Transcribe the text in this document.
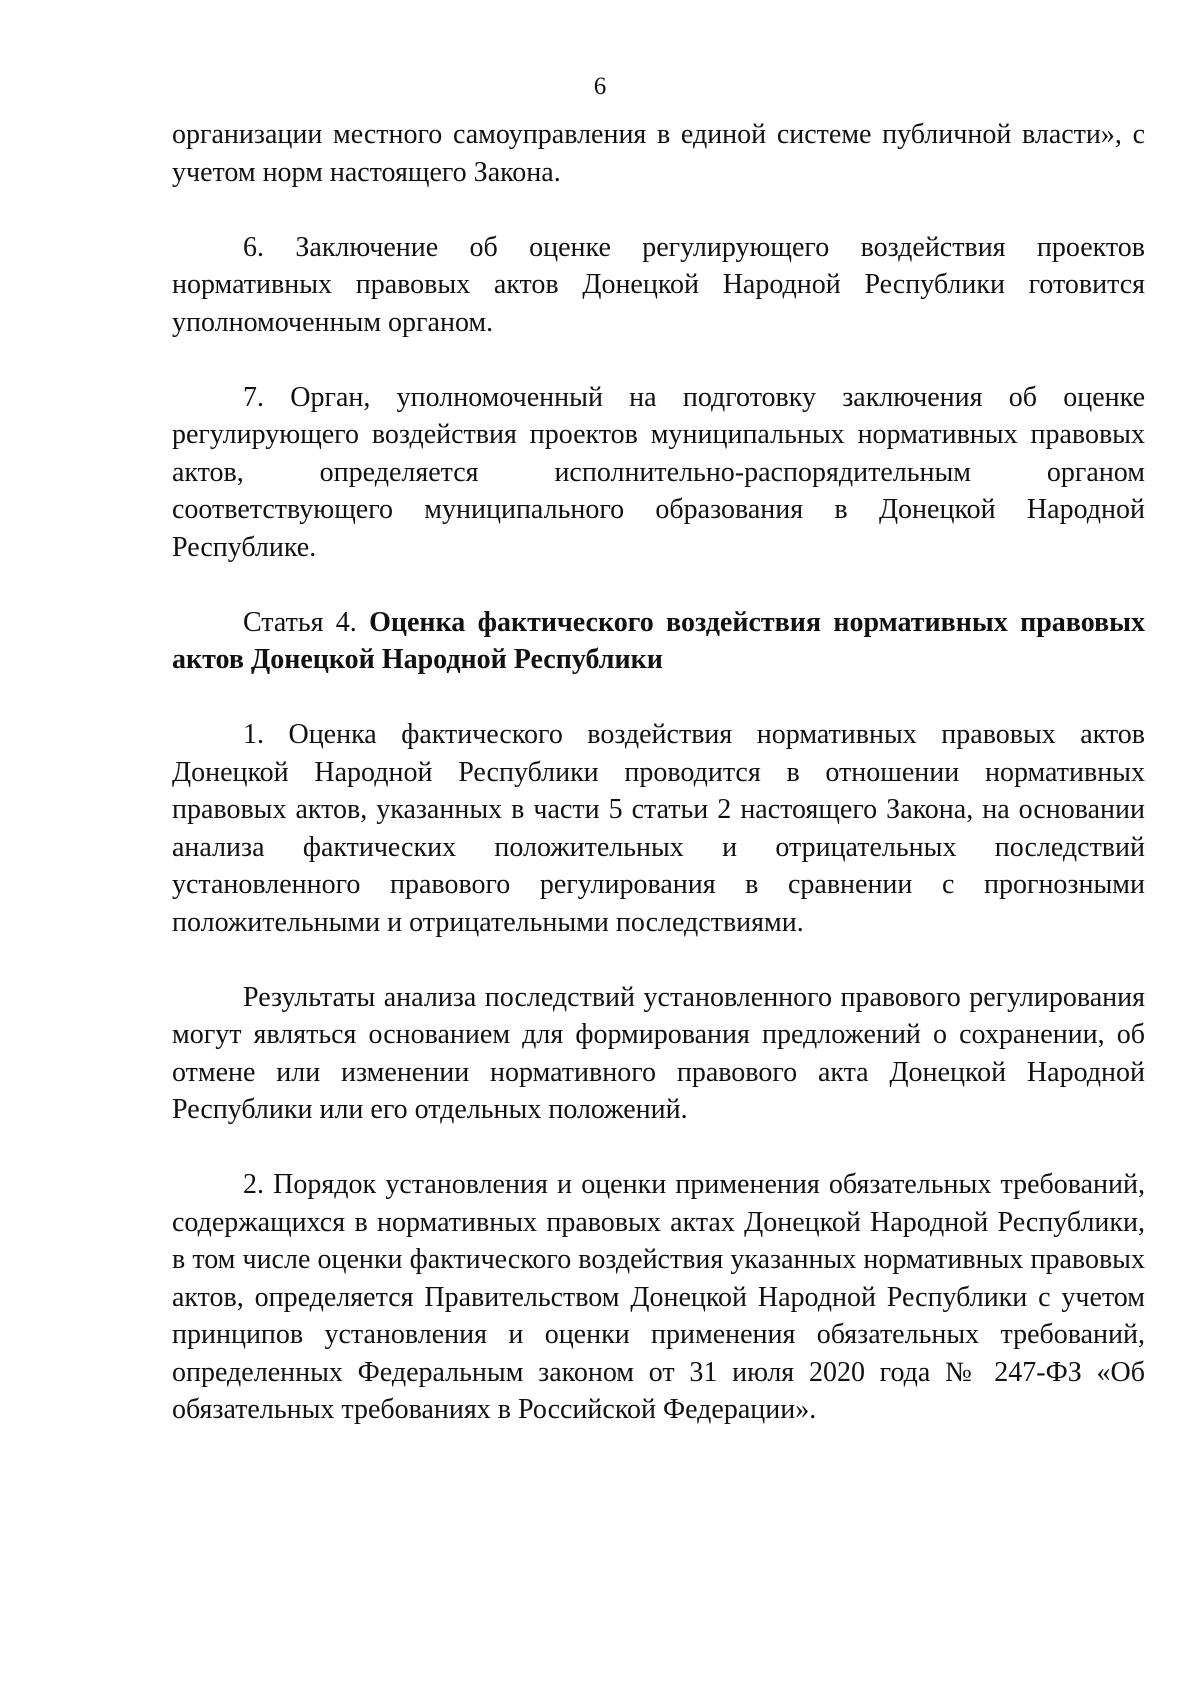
6

организации местного самоуправления в единой системе публичной власти», с учетом норм настоящего Закона.

6. Заключение об оценке регулирующего воздействия проектов нормативных правовых актов Донецкой Народной Республики готовится уполномоченным органом.

7. Орган, уполномоченный на подготовку заключения об оценке регулирующего воздействия проектов муниципальных нормативных правовых актов, определяется исполнительно-распорядительным органом соответствующего муниципального образования в Донецкой Народной Республике.

Статья 4. Оценка фактического воздействия нормативных правовых актов Донецкой Народной Республики

1. Оценка фактического воздействия нормативных правовых актов Донецкой Народной Республики проводится в отношении нормативных правовых актов, указанных в части 5 статьи 2 настоящего Закона, на основании анализа фактических положительных и отрицательных последствий установленного правового регулирования в сравнении с прогнозными положительными и отрицательными последствиями.

Результаты анализа последствий установленного правового регулирования могут являться основанием для формирования предложений о сохранении, об отмене или изменении нормативного правового акта Донецкой Народной Республики или его отдельных положений.

2. Порядок установления и оценки применения обязательных требований, содержащихся в нормативных правовых актах Донецкой Народной Республики, в том числе оценки фактического воздействия указанных нормативных правовых актов, определяется Правительством Донецкой Народной Республики с учетом принципов установления и оценки применения обязательных требований, определенных Федеральным законом от 31 июля 2020 года № 247-ФЗ «Об обязательных требованиях в Российской Федерации».
